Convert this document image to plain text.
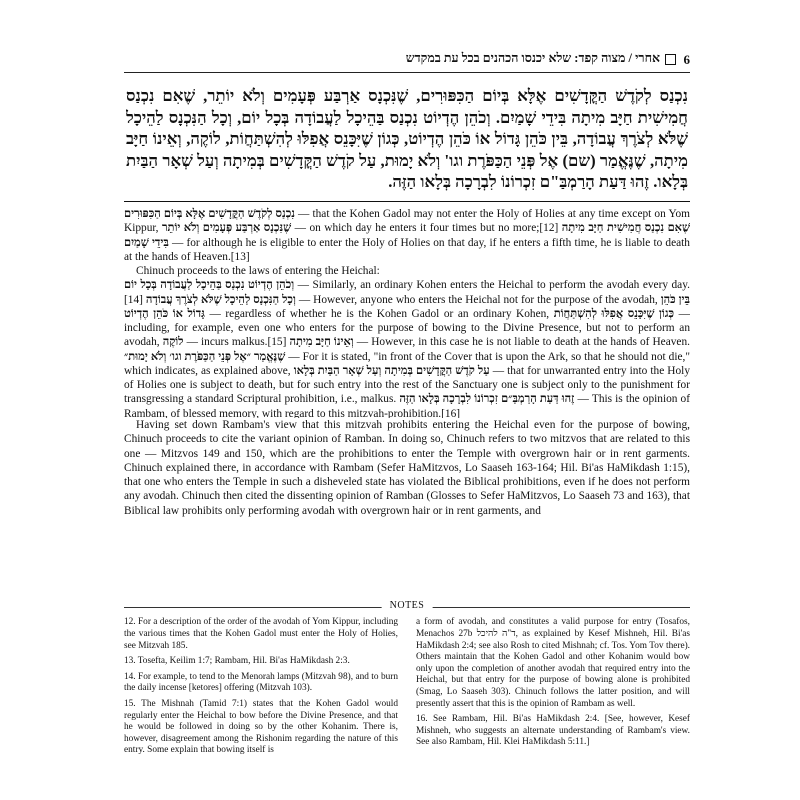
6
אחרי / מצוה קפד: שלא יכנסו הכהנים בכל עת במקדש
נִכְנַס לְקֹדֶשׁ הַקֳּדָשִׁים אֶלָּא בְּיוֹם הַכִּפּוּרִים, שֶׁנִּכְנָס אַרְבַּע פְּעָמִים וְלֹא יוֹתֵר, שֶׁאִם נִכְנַס חֲמִישִׁית חַיָּב מִיתָה בִּידֵי שָׁמַיִם. וְכֹהֵן הֶדְיוֹט נִכְנַס בַּהֵיכָל לַעֲבוֹדָה בְּכָל יוֹם, וְכָל הַנִּכְנָס לַהֵיכָל שֶׁלֹּא לְצֹרֶךְ עֲבוֹדָה, בֵּין כֹּהֵן גָּדוֹל אוֹ כֹּהֵן הֶדְיוֹט, כְּגוֹן שֶׁיִּכָּנֵס אֲפִלּוּ לְהִשְׁתַּחֲוֹת, לוֹקֶה, וְאֵינוֹ חַיָּב מִיתָה, שֶׁנֶּאֱמַר (שם) אֶל פְּנֵי הַכַּפֹּרֶת וגו' וְלֹא יָמוּת, עַל קֹדֶשׁ הַקֳּדָשִׁים בְּמִיתָה וְעַל שְׁאָר הַבַּיִת בְּלָאו. זֶהוּ דַּעַת הָרַמְבַּ"ם זִכְרוֹנוֹ לִבְרָכָה בְּלָאו הַזֶּה.

נִכְנַס לְקֹדֶשׁ הַקֳּדָשִׁים אֶלָּא בְּיוֹם הַכִּפּוּרִים — that the Kohen Gadol may not enter the Holy of Holies at any time except on Yom Kippur, שֶׁנִּכְנָס אַרְבַּע פְּעָמִים וְלֹא יוֹתֵר — on which day he enters it four times but no more;[12] שֶׁאִם נִכְנַס חֲמִישִׁית חַיָּב מִיתָה בִּידֵי שָׁמַיִם — for although he is eligible to enter the Holy of Holies on that day, if he enters a fifth time, he is liable to death at the hands of Heaven.[13]

Chinuch proceeds to the laws of entering the Heichal:

וְכֹהֵן הֶדְיוֹט נִכְנַס בַּהֵיכָל לַעֲבוֹדָה בְּכָל יוֹם — Similarly, an ordinary Kohen enters the Heichal to perform the avodah every day.[14] וְכָל הַנִּכְנָס לַהֵיכָל שֶׁלֹּא לְצֹרֶךְ עֲבוֹדָה — However, anyone who enters the Heichal not for the purpose of the avodah, בֵּין כֹּהֵן גָּדוֹל אוֹ כֹּהֵן הֶדְיוֹט — regardless of whether he is the Kohen Gadol or an ordinary Kohen, כְּגוֹן שֶׁיִּכָּנֵס אֲפִלּוּ לְהִשְׁתַּחֲוֹת — including, for example, even one who enters for the purpose of bowing to the Divine Presence, but not to perform an avodah, לוֹקֶה — incurs malkus.[15] וְאֵינוֹ חַיָּב מִיתָה — However, in this case he is not liable to death at the hands of Heaven. שֶׁנֶּאֱמַר ״אֶל פְּנֵי הַכַּפֹּרֶת וגו׳ וְלֹא יָמוּת״ — For it is stated, "in front of the Cover that is upon the Ark, so that he should not die," which indicates, as explained above, עַל קֹדֶשׁ הַקֳּדָשִׁים בְּמִיתָה וְעַל שְׁאָר הַבַּיִת בְּלָאו — that for unwarranted entry into the Holy of Holies one is subject to death, but for such entry into the rest of the Sanctuary one is subject only to the punishment for transgressing a standard Scriptural prohibition, i.e., malkus. זֶהוּ דַּעַת הָרַמְבַּ״ם זִכְרוֹנוֹ לִבְרָכָה בְּלָאו הַזֶּה — This is the opinion of Rambam, of blessed memory, with regard to this mitzvah-prohibition.[16]

Having set down Rambam's view that this mitzvah prohibits entering the Heichal even for the purpose of bowing, Chinuch proceeds to cite the variant opinion of Ramban. In doing so, Chinuch refers to two mitzvos that are related to this one — Mitzvos 149 and 150, which are the prohibitions to enter the Temple with overgrown hair or in rent garments. Chinuch explained there, in accordance with Rambam (Sefer HaMitzvos, Lo Saaseh 163-164; Hil. Bi'as HaMikdash 1:15), that one who enters the Temple in such a disheveled state has violated the Biblical prohibitions, even if he does not perform any avodah. Chinuch then cited the dissenting opinion of Ramban (Glosses to Sefer HaMitzvos, Lo Saaseh 73 and 163), that Biblical law prohibits only performing avodah with overgrown hair or in rent garments, and

NOTES

12. For a description of the order of the avodah of Yom Kippur, including the various times that the Kohen Gadol must enter the Holy of Holies, see Mitzvah 185.

13. Tosefta, Keilim 1:7; Rambam, Hil. Bi'as HaMikdash 2:3.

14. For example, to tend to the Menorah lamps (Mitzvah 98), and to burn the daily incense [ketores] offering (Mitzvah 103).

15. The Mishnah (Tamid 7:1) states that the Kohen Gadol would regularly enter the Heichal to bow before the Divine Presence, and that he would be followed in doing so by the other Kohanim. There is, however, disagreement among the Rishonim regarding the nature of this entry. Some explain that bowing itself is

a form of avodah, and constitutes a valid purpose for entry (Tosafos, Menachos 27b ד"ה להיכל, as explained by Kesef Mishneh, Hil. Bi'as HaMikdash 2:4; see also Rosh to cited Mishnah; cf. Tos. Yom Tov there). Others maintain that the Kohen Gadol and other Kohanim would bow only upon the completion of another avodah that required entry into the Heichal, but that entry for the purpose of bowing alone is prohibited (Smag, Lo Saaseh 303). Chinuch follows the latter position, and will presently assert that this is the opinion of Rambam as well.

16. See Rambam, Hil. Bi'as HaMikdash 2:4. [See, however, Kesef Mishneh, who suggests an alternate understanding of Rambam's view. See also Rambam, Hil. Klei HaMikdash 5:11.]
